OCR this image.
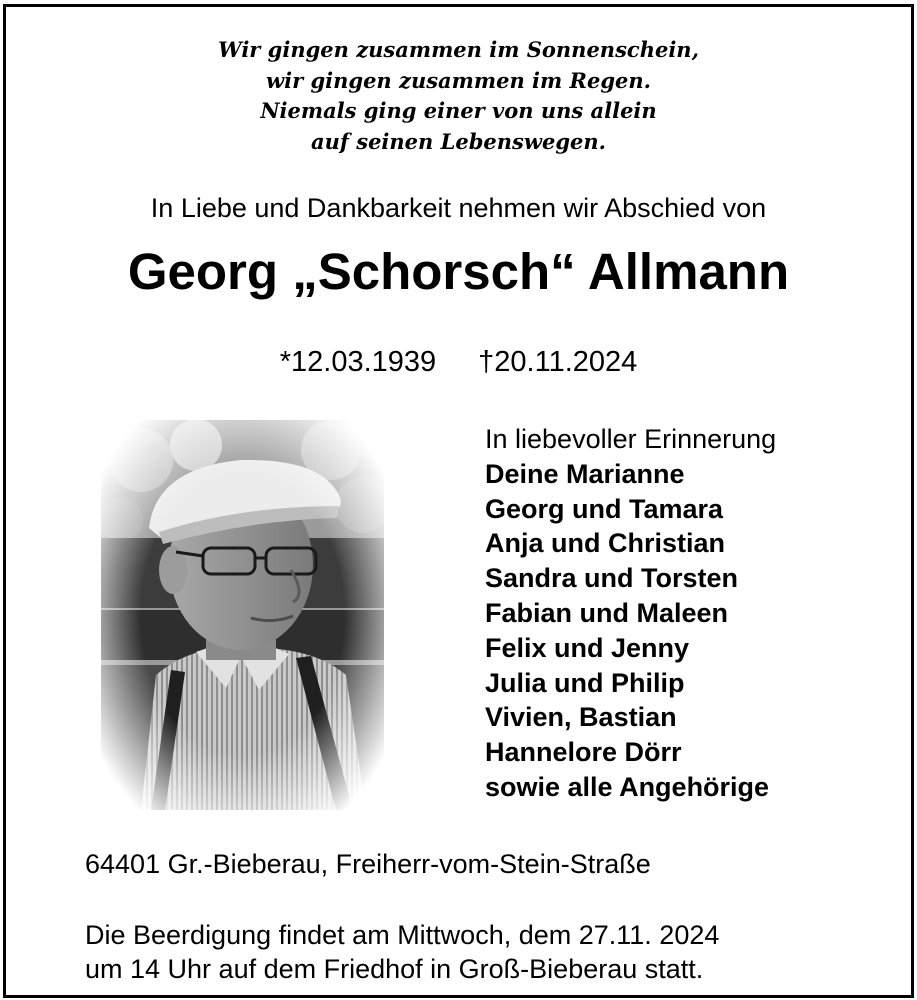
Wir gingen zusammen im Sonnenschein,
wir gingen zusammen im Regen.
Niemals ging einer von uns allein
auf seinen Lebenswegen.
In Liebe und Dankbarkeit nehmen wir Abschied von
Georg „Schorsch“ Allmann
*12.03.1939 †20.11.2024
In liebevoller Erinnerung
Deine Marianne
Georg und Tamara
Anja und Christian
Sandra und Torsten
Fabian und Maleen
Felix und Jenny
Julia und Philip
Vivien, Bastian
Hannelore Dörr
sowie alle Angehörige
64401 Gr.-Bieberau, Freiherr-vom-Stein-Straße
Die Beerdigung findet am Mittwoch, dem 27.11. 2024
um 14 Uhr auf dem Friedhof in Groß-Bieberau statt.
